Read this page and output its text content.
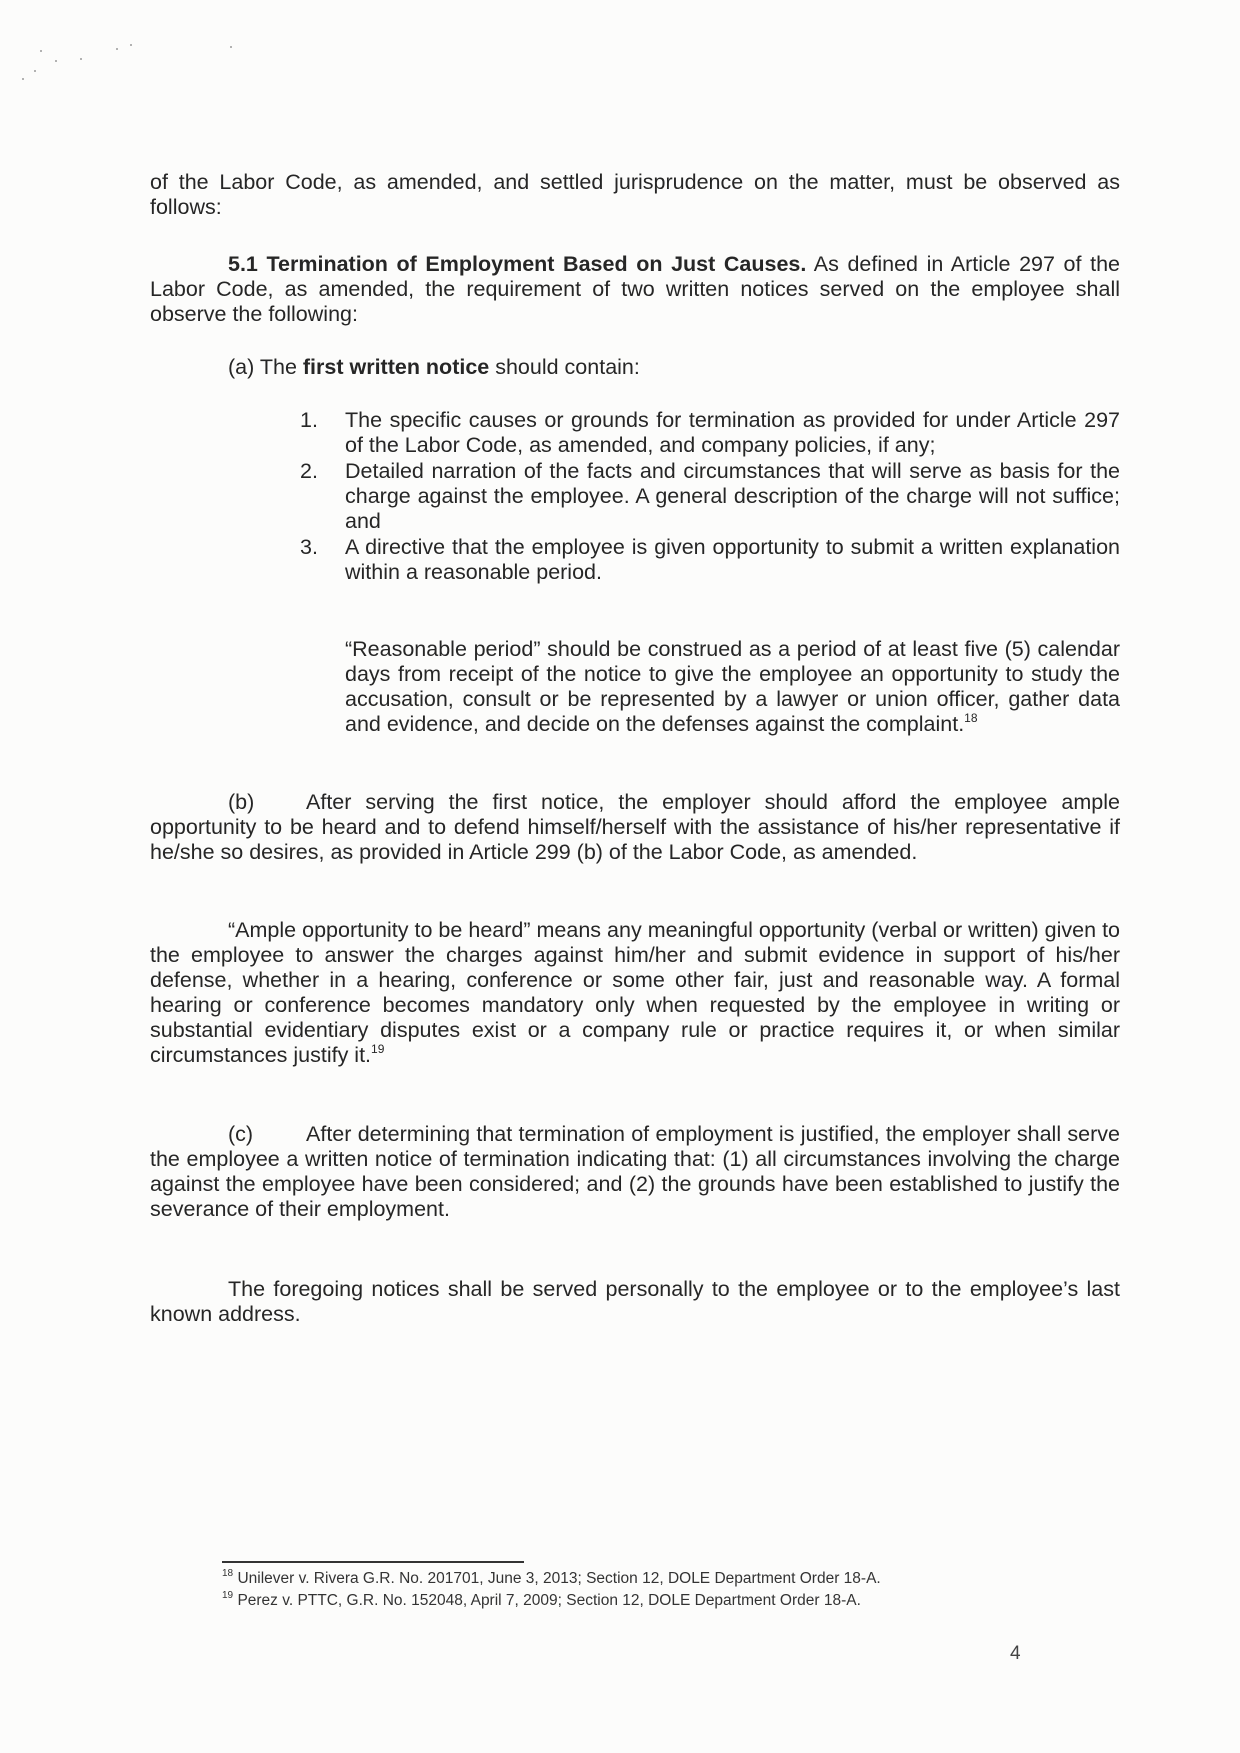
of the Labor Code, as amended, and settled jurisprudence on the matter, must be observed as follows:

5.1 Termination of Employment Based on Just Causes. As defined in Article 297 of the Labor Code, as amended, the requirement of two written notices served on the employee shall observe the following:

(a) The first written notice should contain:

1. The specific causes or grounds for termination as provided for under Article 297 of the Labor Code, as amended, and company policies, if any;
2. Detailed narration of the facts and circumstances that will serve as basis for the charge against the employee. A general description of the charge will not suffice; and
3. A directive that the employee is given opportunity to submit a written explanation within a reasonable period.

“Reasonable period” should be construed as a period of at least five (5) calendar days from receipt of the notice to give the employee an opportunity to study the accusation, consult or be represented by a lawyer or union officer, gather data and evidence, and decide on the defenses against the complaint.$^{18}$

(b) After serving the first notice, the employer should afford the employee ample opportunity to be heard and to defend himself/herself with the assistance of his/her representative if he/she so desires, as provided in Article 299 (b) of the Labor Code, as amended.

“Ample opportunity to be heard” means any meaningful opportunity (verbal or written) given to the employee to answer the charges against him/her and submit evidence in support of his/her defense, whether in a hearing, conference or some other fair, just and reasonable way. A formal hearing or conference becomes mandatory only when requested by the employee in writing or substantial evidentiary disputes exist or a company rule or practice requires it, or when similar circumstances justify it.$^{19}$

(c) After determining that termination of employment is justified, the employer shall serve the employee a written notice of termination indicating that: (1) all circumstances involving the charge against the employee have been considered; and (2) the grounds have been established to justify the severance of their employment.

The foregoing notices shall be served personally to the employee or to the employee’s last known address.

$^{18}$ Unilever v. Rivera G.R. No. 201701, June 3, 2013; Section 12, DOLE Department Order 18-A.
$^{19}$ Perez v. PTTC, G.R. No. 152048, April 7, 2009; Section 12, DOLE Department Order 18-A.
4
